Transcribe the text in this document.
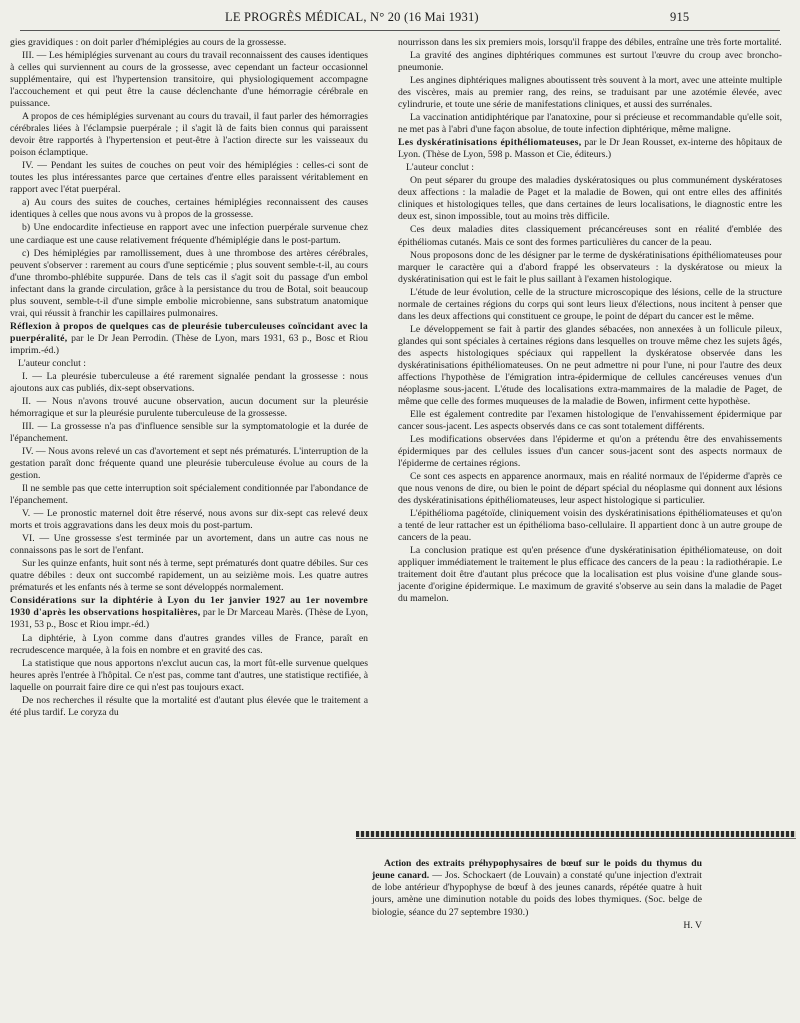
LE PROGRÈS MÉDICAL, N° 20 (16 Mai 1931)	915

gies gravidiques : on doit parler d'hémiplégies au cours de la grossesse.

III. — Les hémiplégies survenant au cours du travail reconnaissent des causes identiques à celles qui surviennent au cours de la grossesse, avec cependant un facteur occasionnel supplémentaire, qui est l'hypertension transitoire, qui physiologiquement accompagne l'accouchement et qui peut être la cause déclenchante d'une hémorragie cérébrale en puissance.

A propos de ces hémiplégies survenant au cours du travail, il faut parler des hémorragies cérébrales liées à l'éclampsie puerpérale ; il s'agit là de faits bien connus qui paraissent devoir être rapportés à l'hypertension et peut-être à l'action directe sur les vaisseaux du poison éclamptique.

IV. — Pendant les suites de couches on peut voir des hémiplégies : celles-ci sont de toutes les plus intéressantes parce que certaines d'entre elles paraissent véritablement en rapport avec l'état puerpéral.

a) Au cours des suites de couches, certaines hémiplégies reconnaissent des causes identiques à celles que nous avons vu à propos de la grossesse.

b) Une endocardite infectieuse en rapport avec une infection puerpérale survenue chez une cardiaque est une cause relativement fréquente d'hémiplégie dans le post-partum.

c) Des hémiplégies par ramollissement, dues à une thrombose des artères cérébrales, peuvent s'observer : rarement au cours d'une septicémie ; plus souvent semble-t-il, au cours d'une thrombo-phlébite suppurée. Dans de tels cas il s'agit soit du passage d'un embol infectant dans la grande circulation, grâce à la persistance du trou de Botal, soit beaucoup plus souvent, semble-t-il d'une simple embolie microbienne, sans substratum anatomique vrai, qui réussit à franchir les capillaires pulmonaires.

Réflexion à propos de quelques cas de pleurésie tuberculeuses coïncidant avec la puerpéralité, par le Dr Jean Perrodin. (Thèse de Lyon, mars 1931, 63 p., Bosc et Riou imprim.-éd.)

L'auteur conclut :

I. — La pleurésie tuberculeuse a été rarement signalée pendant la grossesse : nous ajoutons aux cas publiés, dix-sept observations.

II. — Nous n'avons trouvé aucune observation, aucun document sur la pleurésie hémorragique et sur la pleurésie purulente tuberculeuse de la grossesse.

III. — La grossesse n'a pas d'influence sensible sur la symptomatologie et la durée de l'épanchement.

IV. — Nous avons relevé un cas d'avortement et sept nés prématurés. L'interruption de la gestation paraît donc fréquente quand une pleurésie tuberculeuse évolue au cours de la gestion.

Il ne semble pas que cette interruption soit spécialement conditionnée par l'abondance de l'épanchement.

V. — Le pronostic maternel doit être réservé, nous avons sur dix-sept cas relevé deux morts et trois aggravations dans les deux mois du post-partum.

VI. — Une grossesse s'est terminée par un avortement, dans un autre cas nous ne connaissons pas le sort de l'enfant.

Sur les quinze enfants, huit sont nés à terme, sept prématurés dont quatre débiles. Sur ces quatre débiles : deux ont succombé rapidement, un au seizième mois. Les quatre autres prématurés et les enfants nés à terme se sont développés normalement.

Considérations sur la diphtérie à Lyon du 1er janvier 1927 au 1er novembre 1930 d'après les observations hospitalières, par le Dr Marceau Marès. (Thèse de Lyon, 1931, 53 p., Bosc et Riou impr.-éd.)

La diphtérie, à Lyon comme dans d'autres grandes villes de France, paraît en recrudescence marquée, à la fois en nombre et en gravité des cas.

La statistique que nous apportons n'exclut aucun cas, la mort fût-elle survenue quelques heures après l'entrée à l'hôpital. Ce n'est pas, comme tant d'autres, une statistique rectifiée, à laquelle on pourrait faire dire ce qui n'est pas toujours exact.

De nos recherches il résulte que la mortalité est d'autant plus élevée que le traitement a été plus tardif. Le coryza du

nourrisson dans les six premiers mois, lorsqu'il frappe des débiles, entraîne une très forte mortalité.

La gravité des angines diphtériques communes est surtout l'œuvre du croup avec broncho-pneumonie.

Les angines diphtériques malignes aboutissent très souvent à la mort, avec une atteinte multiple des viscères, mais au premier rang, des reins, se traduisant par une azotémie élevée, avec cylindrurie, et toute une série de manifestations cliniques, et aussi des surrénales.

La vaccination antidiphtérique par l'anatoxine, pour si précieuse et recommandable qu'elle soit, ne met pas à l'abri d'une façon absolue, de toute infection diphtérique, même maligne.

Les dyskératinisations épithéliomateuses, par le Dr Jean Rousset, ex-interne des hôpitaux de Lyon. (Thèse de Lyon, 598 p. Masson et Cie, éditeurs.)

L'auteur conclut :

On peut séparer du groupe des maladies dyskératosiques ou plus communément dyskératoses deux affections : la maladie de Paget et la maladie de Bowen, qui ont entre elles des affinités cliniques et histologiques telles, que dans certaines de leurs localisations, le diagnostic entre les deux est, sinon impossible, tout au moins très difficile.

Ces deux maladies dites classiquement précancéreuses sont en réalité d'emblée des épithéliomas cutanés. Mais ce sont des formes particulières du cancer de la peau.

Nous proposons donc de les désigner par le terme de dyskératinisations épithéliomateuses pour marquer le caractère qui a d'abord frappé les observateurs : la dyskératose ou mieux la dyskératinisation qui est le fait le plus saillant à l'examen histologique.

L'étude de leur évolution, celle de la structure microscopique des lésions, celle de la structure normale de certaines régions du corps qui sont leurs lieux d'élections, nous incitent à penser que dans les deux affections qui constituent ce groupe, le point de départ du cancer est le même.

Le développement se fait à partir des glandes sébacées, non annexées à un follicule pileux, glandes qui sont spéciales à certaines régions dans lesquelles on trouve même chez les sujets âgés, des aspects histologiques spéciaux qui rappellent la dyskératose observée dans les dyskératinisations épithéliomateuses. On ne peut admettre ni pour l'une, ni pour l'autre des deux affections l'hypothèse de l'émigration intra-épidermique de cellules cancéreuses venues d'un néoplasme sous-jacent. L'étude des localisations extra-mammaires de la maladie de Paget, de même que celle des formes muqueuses de la maladie de Bowen, infirment cette hypothèse.

Elle est également contredite par l'examen histologique de l'envahissement épidermique par cancer sous-jacent. Les aspects observés dans ce cas sont totalement différents.

Les modifications observées dans l'épiderme et qu'on a prétendu être des envahissements épidermiques par des cellules issues d'un cancer sous-jacent sont des aspects normaux de l'épiderme de certaines régions.

Ce sont ces aspects en apparence anormaux, mais en réalité normaux de l'épiderme d'après ce que nous venons de dire, ou bien le point de départ spécial du néoplasme qui donnent aux lésions des dyskératinisations épithéliomateuses, leur aspect histologique si particulier.

L'épithélioma pagétoïde, cliniquement voisin des dyskératinisations épithéliomateuses et qu'on a tenté de leur rattacher est un épithélioma baso-cellulaire. Il appartient donc à un autre groupe de cancers de la peau.

La conclusion pratique est qu'en présence d'une dyskératinisation épithéliomateuse, on doit appliquer immédiatement le traitement le plus efficace des cancers de la peau : la radiothérapie. Le traitement doit être d'autant plus précoce que la localisation est plus voisine d'une glande sous-jacente d'origine épidermique. Le maximum de gravité s'observe au sein dans la maladie de Paget du mamelon.

Action des extraits préhypophysaires de bœuf sur le poids du thymus du jeune canard. — Jos. Schockaert (de Louvain) a constaté qu'une injection d'extrait de lobe antérieur d'hypophyse de bœuf à des jeunes canards, répétée quatre à huit jours, amène une diminution notable du poids des lobes thymiques. (Soc. belge de biologie, séance du 27 septembre 1930.)

H. V
